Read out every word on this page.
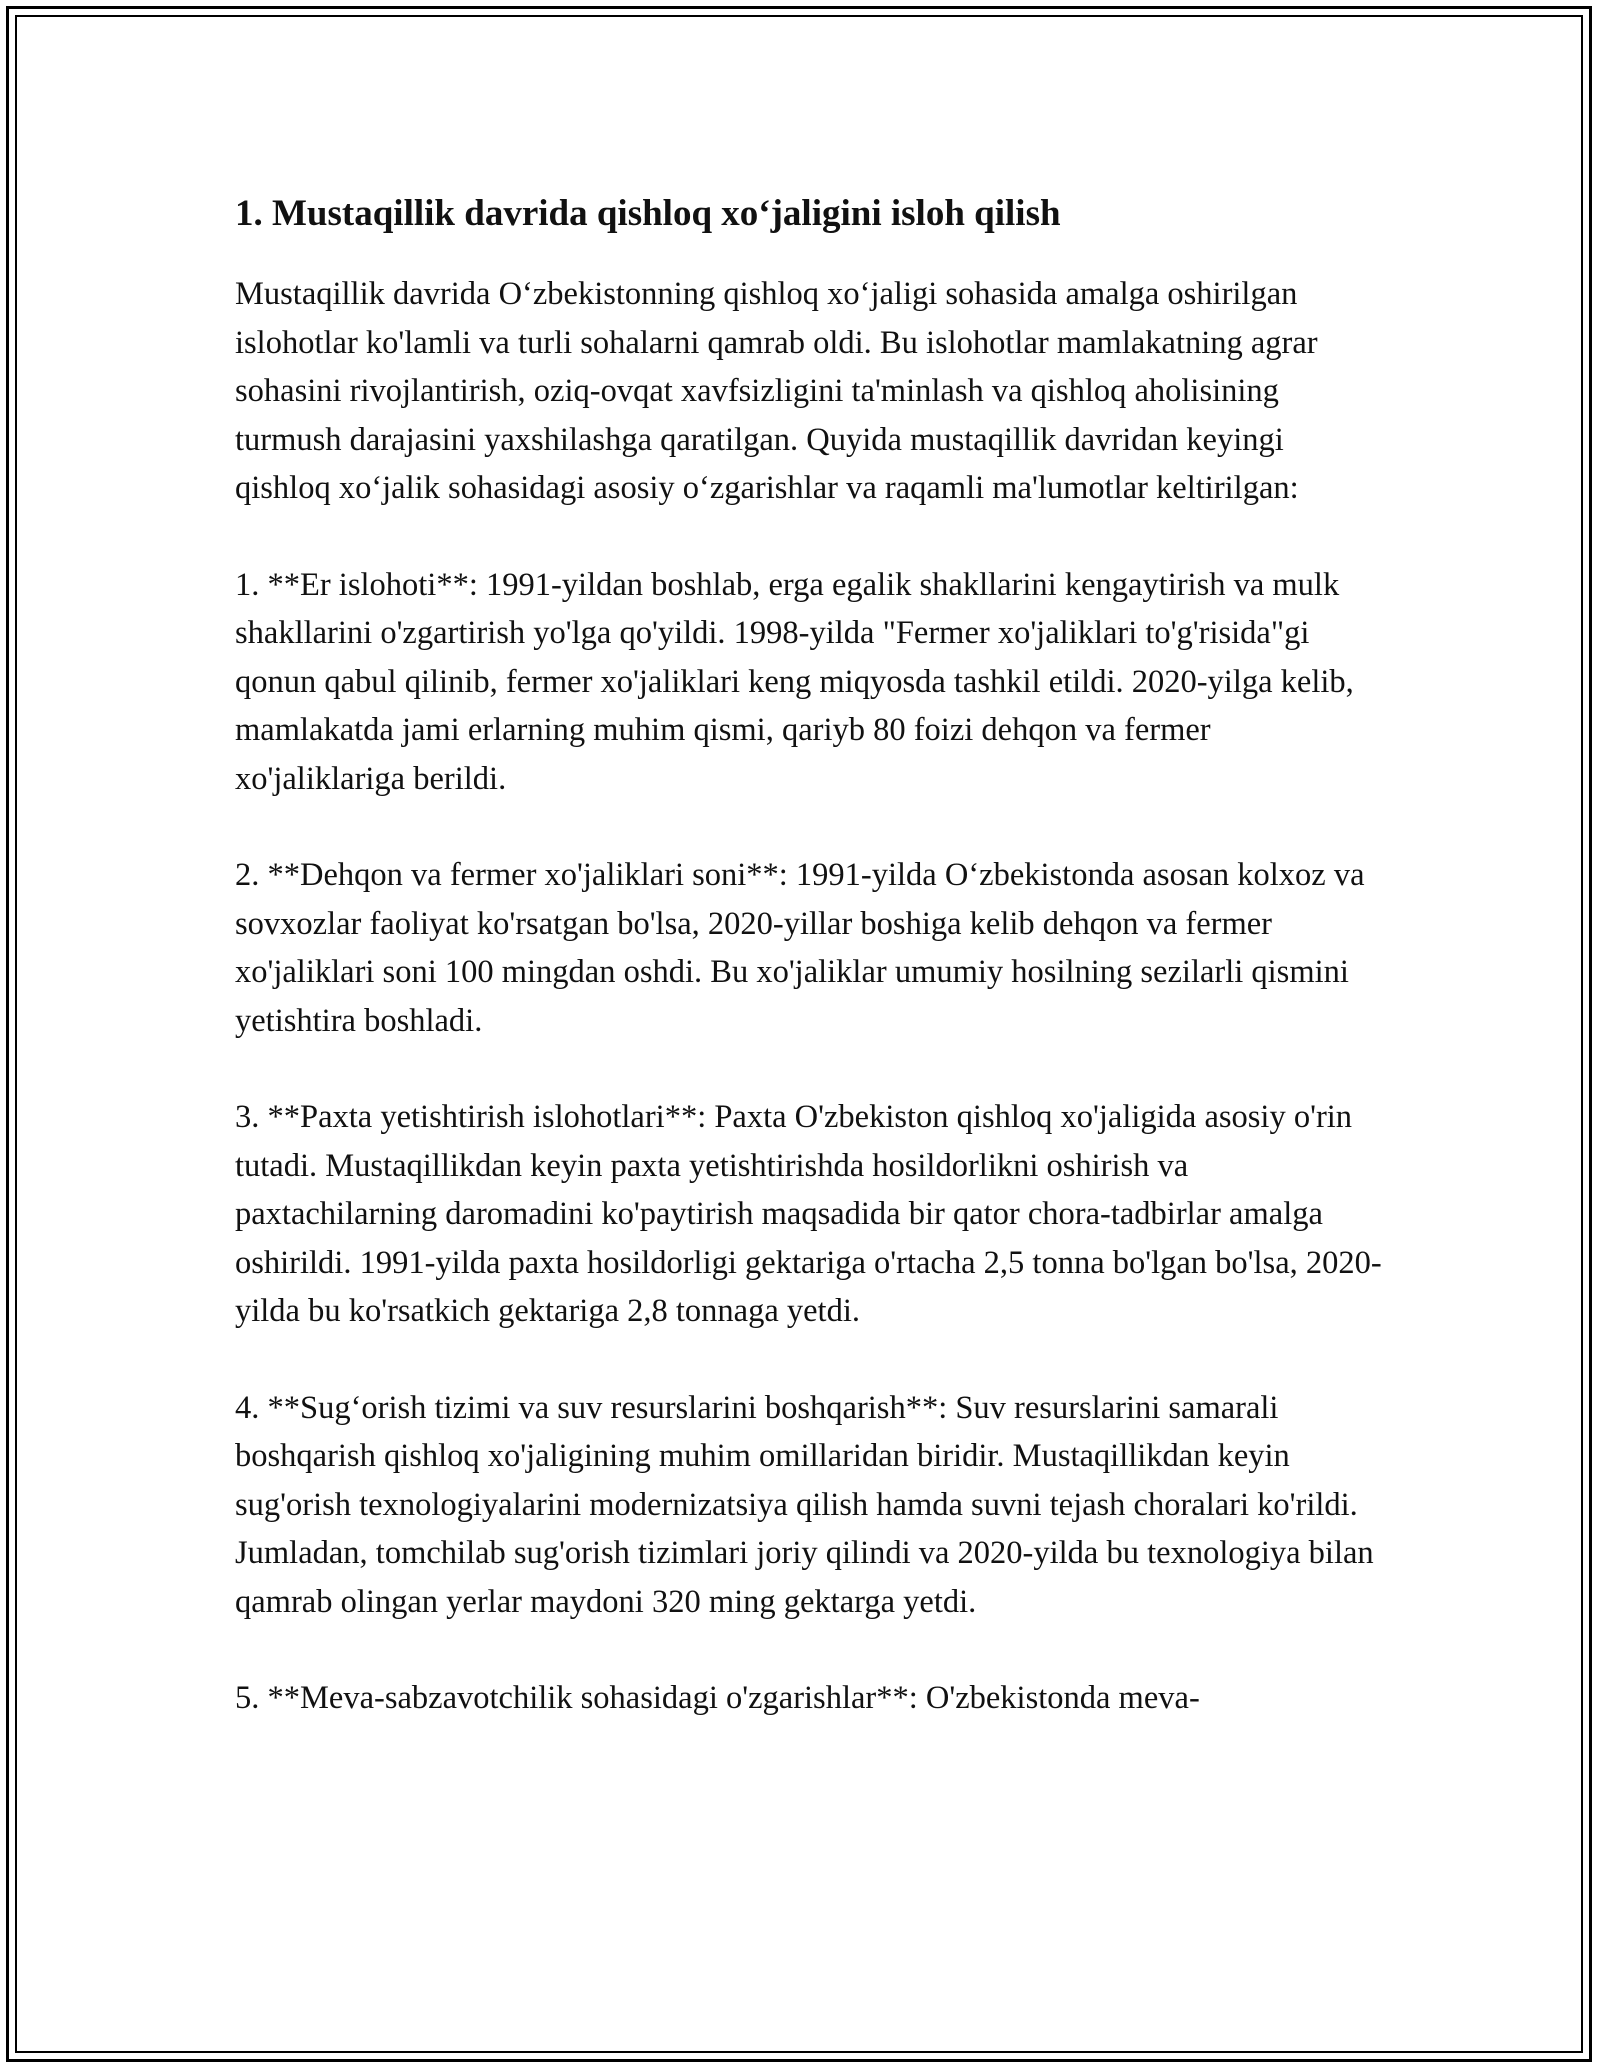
1. Mustaqillik davrida qishloq xo‘jaligini isloh qilish

Mustaqillik davrida O‘zbekistonning qishloq xo‘jaligi sohasida amalga oshirilgan islohotlar ko'lamli va turli sohalarni qamrab oldi. Bu islohotlar mamlakatning agrar sohasini rivojlantirish, oziq-ovqat xavfsizligini ta'minlash va qishloq aholisining turmush darajasini yaxshilashga qaratilgan. Quyida mustaqillik davridan keyingi qishloq xo‘jalik sohasidagi asosiy o‘zgarishlar va raqamli ma'lumotlar keltirilgan:

1. **Er islohoti**: 1991-yildan boshlab, erga egalik shakllarini kengaytirish va mulk shakllarini o'zgartirish yo'lga qo'yildi. 1998-yilda "Fermer xo'jaliklari to'g'risida"gi qonun qabul qilinib, fermer xo'jaliklari keng miqyosda tashkil etildi. 2020-yilga kelib, mamlakatda jami erlarning muhim qismi, qariyb 80 foizi dehqon va fermer xo'jaliklariga berildi.

2. **Dehqon va fermer xo'jaliklari soni**: 1991-yilda O‘zbekistonda asosan kolxoz va sovxozlar faoliyat ko'rsatgan bo'lsa, 2020-yillar boshiga kelib dehqon va fermer xo'jaliklari soni 100 mingdan oshdi. Bu xo'jaliklar umumiy hosilning sezilarli qismini yetishtira boshladi.

3. **Paxta yetishtirish islohotlari**: Paxta O'zbekiston qishloq xo'jaligida asosiy o'rin tutadi. Mustaqillikdan keyin paxta yetishtirishda hosildorlikni oshirish va paxtachilarning daromadini ko'paytirish maqsadida bir qator chora-tadbirlar amalga oshirildi. 1991-yilda paxta hosildorligi gektariga o'rtacha 2,5 tonna bo'lgan bo'lsa, 2020-yilda bu ko'rsatkich gektariga 2,8 tonnaga yetdi.

4. **Sug‘orish tizimi va suv resurslarini boshqarish**: Suv resurslarini samarali boshqarish qishloq xo'jaligining muhim omillaridan biridir. Mustaqillikdan keyin sug'orish texnologiyalarini modernizatsiya qilish hamda suvni tejash choralari ko'rildi. Jumladan, tomchilab sug'orish tizimlari joriy qilindi va 2020-yilda bu texnologiya bilan qamrab olingan yerlar maydoni 320 ming gektarga yetdi.

5. **Meva-sabzavotchilik sohasidagi o'zgarishlar**: O'zbekistonda meva-
